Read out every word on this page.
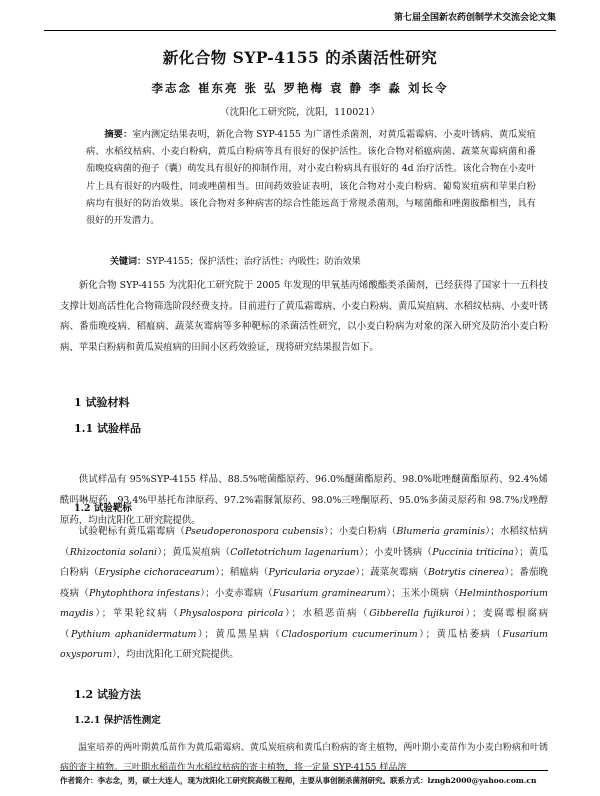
第七届全国新农药创制学术交流会论文集
新化合物 SYP-4155 的杀菌活性研究
李志念 崔东亮 张 弘 罗艳梅 袁 静 李 淼 刘长令
（沈阳化工研究院，沈阳，110021）
摘要：室内测定结果表明，新化合物 SYP-4155 为广谱性杀菌剂，对黄瓜霜霉病、小麦叶锈病、黄瓜炭疽病、水稻纹枯病、小麦白粉病，黄瓜白粉病等具有很好的保护活性。该化合物对稻瘟病菌、蔬菜灰霉病菌和番茄晚疫病菌的孢子（囊）萌发具有很好的抑制作用，对小麦白粉病具有很好的 4d 治疗活性。该化合物在小麦叶片上具有很好的内吸性，同或唑菌相当。田间药效验证表明，该化合物对小麦白粉病、葡萄炭疽病和苹果白粉病均有很好的防治效果。该化合物对多种病害的综合性能远高于常规杀菌剂，与嘧菌酯和唑菌胺酯相当，具有很好的开发潜力。
关键词：SYP-4155；保护活性；治疗活性；内吸性；防治效果
新化合物 SYP-4155 为沈阳化工研究院于 2005 年发现的甲氧基丙烯酸酯类杀菌剂，已经获得了国家十一五科技支撑计划高活性化合物筛选阶段经费支持。目前进行了黄瓜霜霉病、小麦白粉病、黄瓜炭疽病、水稻纹枯病、小麦叶锈病、番茄晚疫病、稻瘟病、蔬菜灰霉病等多种靶标的杀菌活性研究，以小麦白粉病为对象的深入研究及防治小麦白粉病、苹果白粉病和黄瓜炭疽病的田间小区药效验证，现将研究结果报告如下。
1 试验材料
1.1 试验样品
供试样品有 95%SYP-4155 样品、88.5%嘧菌酯原药、96.0%醚菌酯原药、98.0%吡唑醚菌酯原药、92.4%烯酰吗啉原药、93.4%甲基托布津原药、97.2%霜脲氰原药、98.0%三唑酮原药、95.0%多菌灵原药和 98.7%戊唑醇原药，均由沈阳化工研究院提供。
1.2 试验靶标
试验靶标有黄瓜霜霉病（Pseudoperonospora cubensis）；小麦白粉病（Blumeria graminis）；水稻纹枯病（Rhizoctonia solani）；黄瓜炭疽病（Colletotrichum lagenarium）；小麦叶锈病（Puccinia triticina）；黄瓜白粉病（Erysiphe cichoracearum）；稻瘟病（Pyricularia oryzae）；蔬菜灰霉病（Botrytis cinerea）；番茄晚疫病（Phytophthora infestans）；小麦赤霉病（Fusarium graminearum）；玉米小斑病（Helminthosporium maydis）；苹果轮纹病（Physalospora piricola）；水稻恶苗病（Gibberella fujikuroi）；麦腐霉根腐病（Pythium aphanidermatum）；黄瓜黑星病（Cladosporium cucumerinum）；黄瓜枯萎病（Fusarium oxysporum），均由沈阳化工研究院提供。
1.2 试验方法
1.2.1 保护活性测定
温室培养的两叶期黄瓜苗作为黄瓜霜霉病、黄瓜炭疽病和黄瓜白粉病的寄主植物，两叶期小麦苗作为小麦白粉病和叶锈病的寄主植物。三叶期水稻苗作为水稻纹枯病的寄主植物，将一定量 SYP-4155 样品溶
作者简介：李志念，男，硕士大连人，现为沈阳化工研究院高级工程师，主要从事创制杀菌剂研究。联系方式：lzngh2000@yahoo.com.cn
